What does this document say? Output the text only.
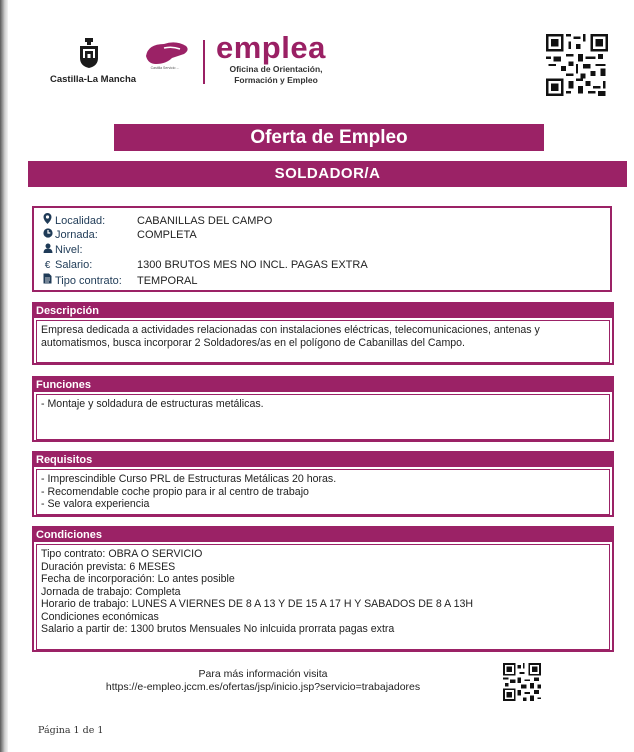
Castilla-La Mancha
Castilla Servicio ...
emplea
Oficina de Orientación,
Formación y Empleo
Oferta de Empleo
SOLDADOR/A
Localidad:	CABANILLAS DEL CAMPO
Jornada:	COMPLETA
Nivel:
€ Salario:	1300 BRUTOS MES NO INCL. PAGAS EXTRA
Tipo contrato: TEMPORAL
Descripción
Empresa dedicada a actividades relacionadas con instalaciones eléctricas, telecomunicaciones, antenas y
automatismos, busca incorporar 2 Soldadores/as en el polígono de Cabanillas del Campo.
Funciones
- Montaje y soldadura de estructuras metálicas.
Requisitos
- Imprescindible Curso PRL de Estructuras Metálicas 20 horas.
- Recomendable coche propio para ir al centro de trabajo
- Se valora experiencia
Condiciones
Tipo contrato: OBRA O SERVICIO
Duración prevista: 6 MESES
Fecha de incorporación: Lo antes posible
Jornada de trabajo: Completa
Horario de trabajo: LUNES A VIERNES DE 8 A 13 Y DE 15 A 17 H Y SABADOS DE 8 A 13H
Condiciones económicas
Salario a partir de: 1300 brutos Mensuales No inlcuida prorrata pagas extra
Para más información visita
https://e-empleo.jccm.es/ofertas/jsp/inicio.jsp?servicio=trabajadores
Página 1 de 1
